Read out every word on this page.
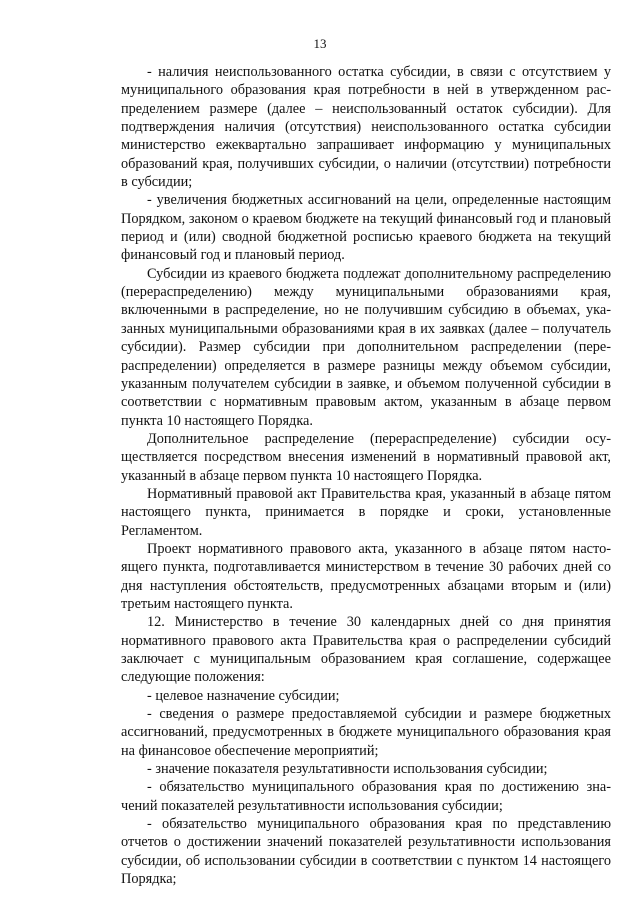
13

- наличия неиспользованного остатка субсидии, в связи с отсутствием у муниципального образования края потребности в ней в утвержденном распределением размере (далее – неиспользованный остаток субсидии). Для подтверждения наличия (отсутствия) неиспользованного остатка субсидии министерство ежеквартально запрашивает информацию у муниципальных образований края, получивших субсидии, о наличии (отсутствии) потребности в субсидии;

- увеличения бюджетных ассигнований на цели, определенные настоящим Порядком, законом о краевом бюджете на текущий финансовый год и плановый период и (или) сводной бюджетной росписью краевого бюджета на текущий финансовый год и плановый период.

Субсидии из краевого бюджета подлежат дополнительному распределению (перераспределению) между муниципальными образованиями края, включенными в распределение, но не получившим субсидию в объемах, указанных муниципальными образованиями края в их заявках (далее – получатель субсидии). Размер субсидии при дополнительном распределении (перераспределении) определяется в размере разницы между объемом субсидии, указанным получателем субсидии в заявке, и объемом полученной субсидии в соответствии с нормативным правовым актом, указанным в абзаце первом пункта 10 настоящего Порядка.

Дополнительное распределение (перераспределение) субсидии осуществляется посредством внесения изменений в нормативный правовой акт, указанный в абзаце первом пункта 10 настоящего Порядка.

Нормативный правовой акт Правительства края, указанный в абзаце пятом настоящего пункта, принимается в порядке и сроки, установленные Регламентом.

Проект нормативного правового акта, указанного в абзаце пятом настоящего пункта, подготавливается министерством в течение 30 рабочих дней со дня наступления обстоятельств, предусмотренных абзацами вторым и (или) третьим настоящего пункта.

12. Министерство в течение 30 календарных дней со дня принятия нормативного правового акта Правительства края о распределении субсидий заключает с муниципальным образованием края соглашение, содержащее следующие положения:

- целевое назначение субсидии;

- сведения о размере предоставляемой субсидии и размере бюджетных ассигнований, предусмотренных в бюджете муниципального образования края на финансовое обеспечение мероприятий;

- значение показателя результативности использования субсидии;

- обязательство муниципального образования края по достижению значений показателей результативности использования субсидии;

- обязательство муниципального образования края по представлению отчетов о достижении значений показателей результативности использования субсидии, об использовании субсидии в соответствии с пунктом 14 настоящего Порядка;
